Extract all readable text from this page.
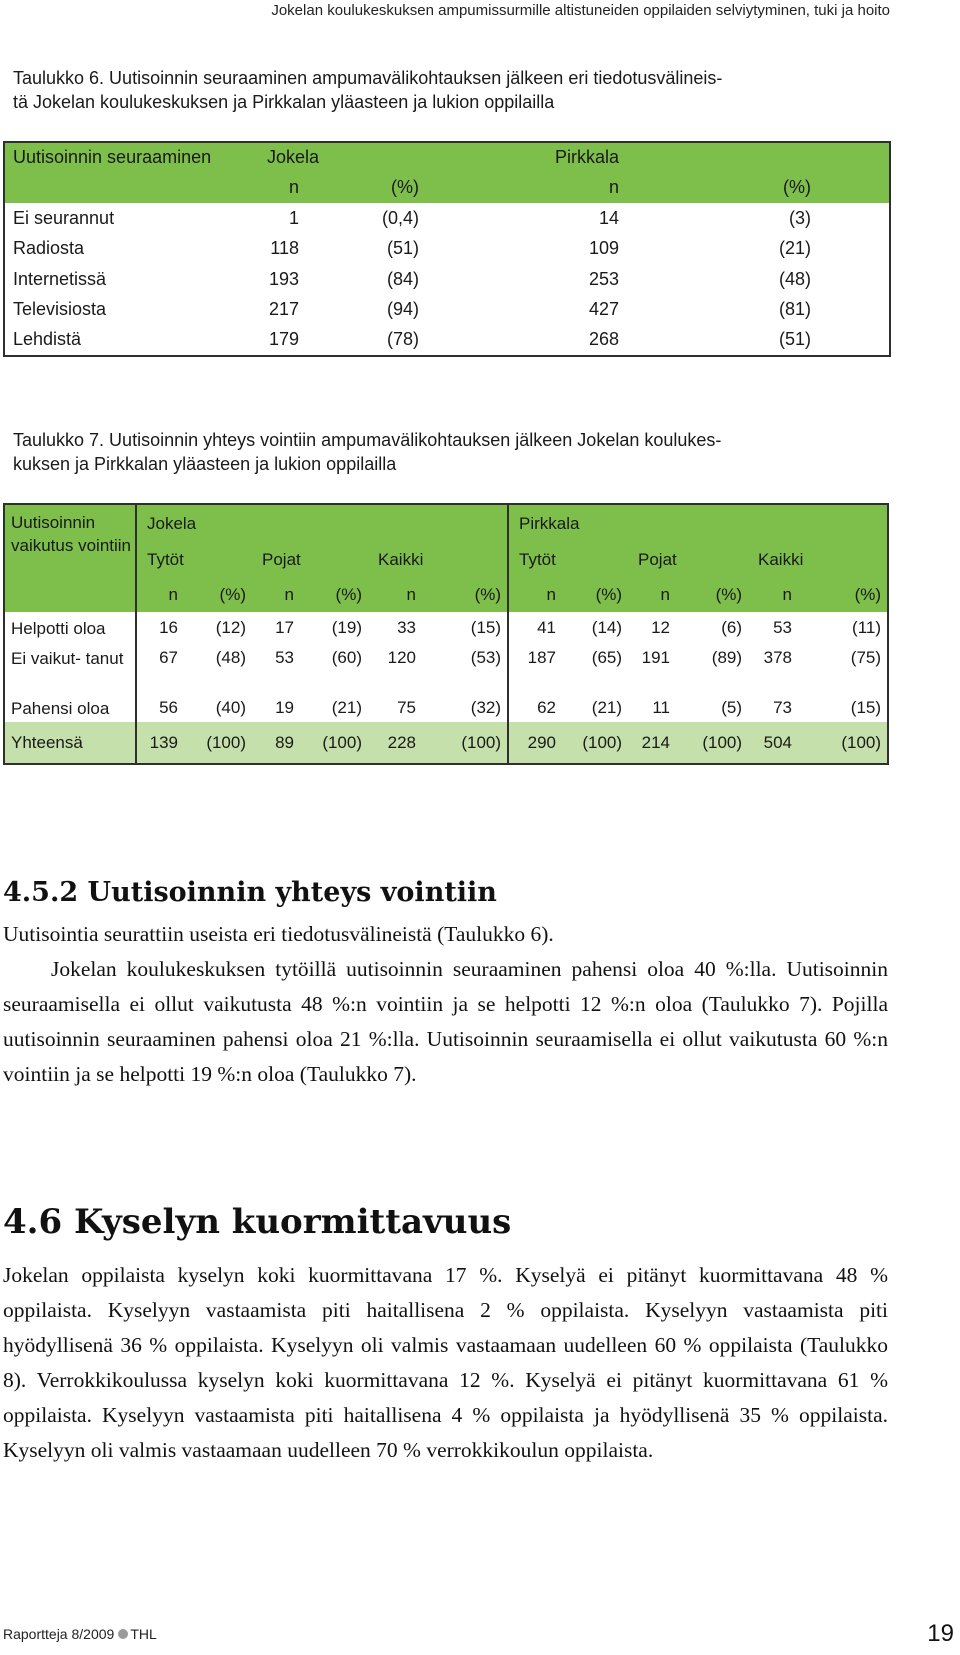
Jokelan koulukeskuksen ampumissurmille altistuneiden oppilaiden selviytyminen, tuki ja hoito
Taulukko 6. Uutisoinnin seuraaminen ampumavälikohtauksen jälkeen eri tiedotusvälineis-
tä Jokelan koulukeskuksen ja Pirkkalan yläasteen ja lukion oppilailla
Uutisoinnin seuraaminen	Jokela		Pirkkala	
	n	(%)	n	(%)
Ei seurannut	1	(0,4)	14	(3)
Radiosta	118	(51)	109	(21)
Internetissä	193	(84)	253	(48)
Televisiosta	217	(94)	427	(81)
Lehdistä	179	(78)	268	(51)
Taulukko 7. Uutisoinnin yhteys vointiin ampumavälikohtauksen jälkeen Jokelan koulukes-
kuksen ja Pirkkalan yläasteen ja lukion oppilailla
Uutisoinnin vaikutus vointiin	Jokela						Pirkkala					
	Tytöt		Pojat		Kaikki		Tytöt		Pojat		Kaikki	
	n	(%)	n	(%)	n	(%)	n	(%)	n	(%)	n	(%)
Helpotti oloa	16	(12)	17	(19)	33	(15)	41	(14)	12	(6)	53	(11)
Ei vaikut- tanut	67	(48)	53	(60)	120	(53)	187	(65)	191	(89)	378	(75)
Pahensi oloa	56	(40)	19	(21)	75	(32)	62	(21)	11	(5)	73	(15)
Yhteensä	139	(100)	89	(100)	228	(100)	290	(100)	214	(100)	504	(100)
4.5.2 Uutisoinnin yhteys vointiin

Uutisointia seurattiin useista eri tiedotusvälineistä (Taulukko 6).

Jokelan koulukeskuksen tytöillä uutisoinnin seuraaminen pahensi oloa 40 %:lla. Uutisoinnin seuraamisella ei ollut vaikutusta 48 %:n vointiin ja se helpotti 12 %:n oloa (Taulukko 7). Pojilla uutisoinnin seuraaminen pahensi oloa 21 %:lla. Uutisoinnin seuraamisella ei ollut vaikutusta 60 %:n vointiin ja se helpotti 19 %:n oloa (Taulukko 7).

4.6 Kyselyn kuormittavuus

Jokelan oppilaista kyselyn koki kuormittavana 17 %. Kyselyä ei pitänyt kuormittavana 48 % oppilaista. Kyselyyn vastaamista piti haitallisena 2 % oppilaista. Kyselyyn vastaamista piti hyödyllisenä 36 % oppilaista. Kyselyyn oli valmis vastaamaan uudelleen 60 % oppilaista (Taulukko 8). Verrokkikoulussa kyselyn koki kuormittavana 12 %. Kyselyä ei pitänyt kuormittavana 61 % oppilaista. Kyselyyn vastaamista piti haitallisena 4 % oppilaista ja hyödyllisenä 35 % oppilaista. Kyselyyn oli valmis vastaamaan uudelleen 70 % verrokkikoulun oppilaista.

Raportteja 8/2009 THL	19
